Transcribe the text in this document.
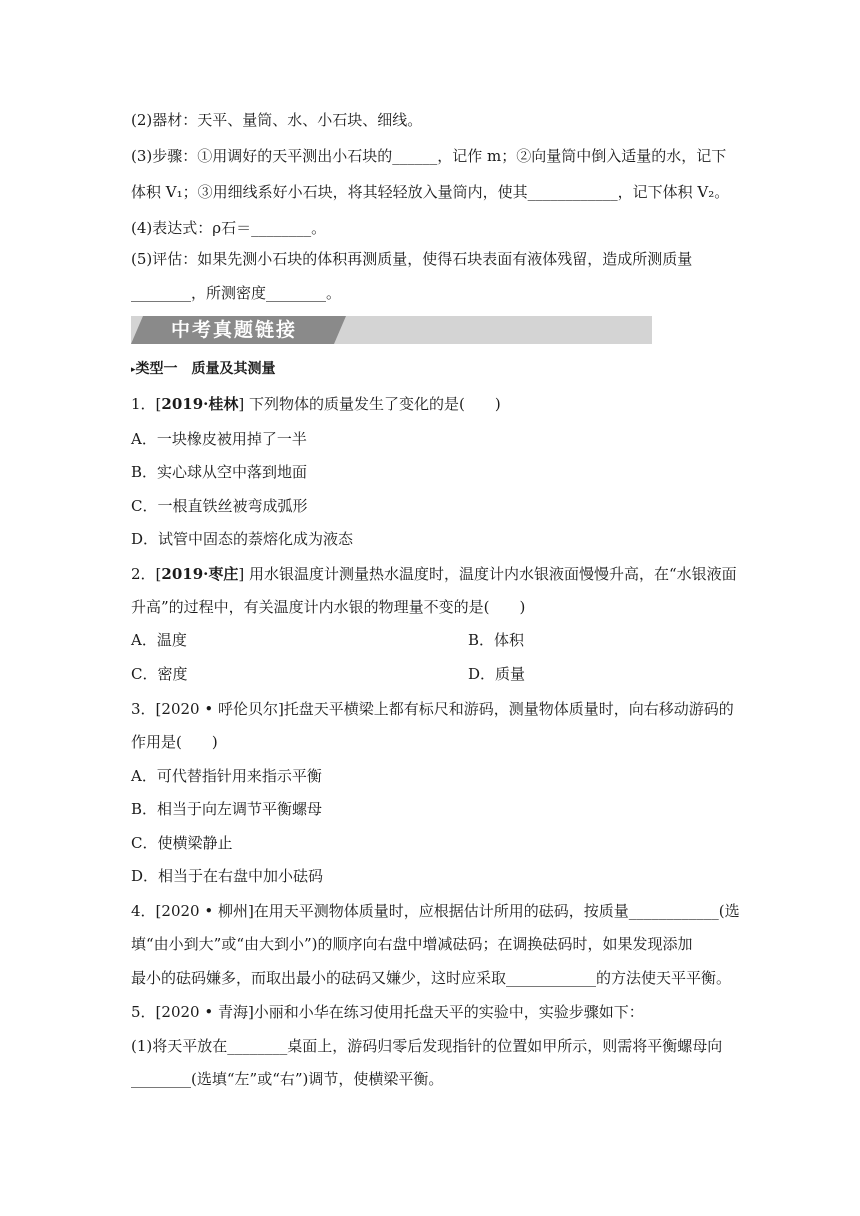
(2)器材：天平、量筒、水、小石块、细线。
(3)步骤：①用调好的天平测出小石块的______，记作 m；②向量筒中倒入适量的水，记下
体积 V₁；③用细线系好小石块，将其轻轻放入量筒内，使其____________，记下体积 V₂。
(4)表达式：ρ石＝________。
(5)评估：如果先测小石块的体积再测质量，使得石块表面有液体残留，造成所测质量
________，所测密度________。
中考真题链接
▸类型一　质量及其测量
1．[2019·桂林] 下列物体的质量发生了变化的是(　　)
A．一块橡皮被用掉了一半
B．实心球从空中落到地面
C．一根直铁丝被弯成弧形
D．试管中固态的萘熔化成为液态
2．[2019·枣庄] 用水银温度计测量热水温度时，温度计内水银液面慢慢升高，在“水银液面
升高”的过程中，有关温度计内水银的物理量不变的是(　　)
A．温度	B．体积
C．密度	D．质量
3．[2020 • 呼伦贝尔]托盘天平横梁上都有标尺和游码，测量物体质量时，向右移动游码的
作用是(　　)
A．可代替指针用来指示平衡
B．相当于向左调节平衡螺母
C．使横梁静止
D．相当于在右盘中加小砝码
4．[2020 • 柳州]在用天平测物体质量时，应根据估计所用的砝码，按质量____________(选
填“由小到大”或“由大到小”)的顺序向右盘中增减砝码；在调换砝码时，如果发现添加
最小的砝码嫌多，而取出最小的砝码又嫌少，这时应采取____________的方法使天平平衡。
5．[2020 • 青海]小丽和小华在练习使用托盘天平的实验中，实验步骤如下：
(1)将天平放在________桌面上，游码归零后发现指针的位置如甲所示，则需将平衡螺母向
________(选填“左”或“右”)调节，使横梁平衡。
